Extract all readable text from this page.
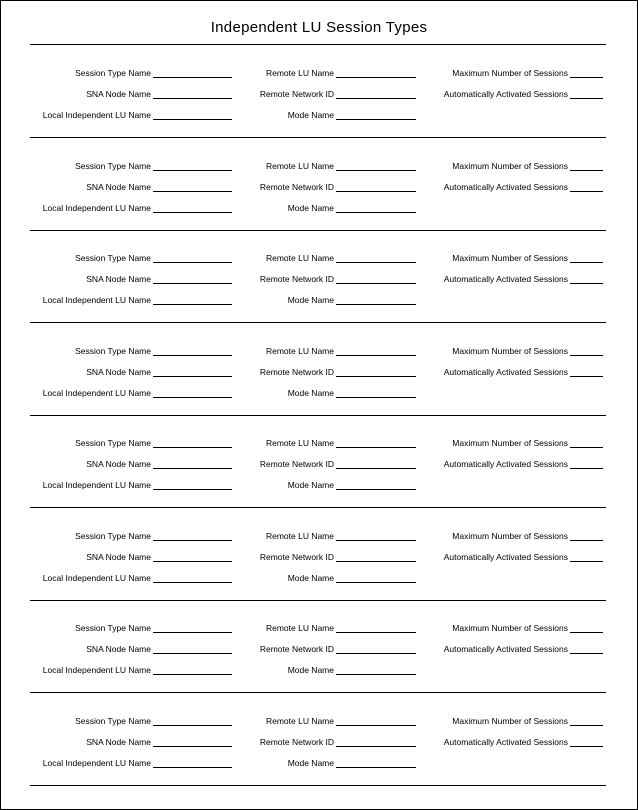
Independent LU Session Types
Session Type Name	Remote LU Name	Maximum Number of Sessions
SNA Node Name	Remote Network ID	Automatically Activated Sessions
Local Independent LU Name	Mode Name
Session Type Name	Remote LU Name	Maximum Number of Sessions
SNA Node Name	Remote Network ID	Automatically Activated Sessions
Local Independent LU Name	Mode Name
Session Type Name	Remote LU Name	Maximum Number of Sessions
SNA Node Name	Remote Network ID	Automatically Activated Sessions
Local Independent LU Name	Mode Name
Session Type Name	Remote LU Name	Maximum Number of Sessions
SNA Node Name	Remote Network ID	Automatically Activated Sessions
Local Independent LU Name	Mode Name
Session Type Name	Remote LU Name	Maximum Number of Sessions
SNA Node Name	Remote Network ID	Automatically Activated Sessions
Local Independent LU Name	Mode Name
Session Type Name	Remote LU Name	Maximum Number of Sessions
SNA Node Name	Remote Network ID	Automatically Activated Sessions
Local Independent LU Name	Mode Name
Session Type Name	Remote LU Name	Maximum Number of Sessions
SNA Node Name	Remote Network ID	Automatically Activated Sessions
Local Independent LU Name	Mode Name
Session Type Name	Remote LU Name	Maximum Number of Sessions
SNA Node Name	Remote Network ID	Automatically Activated Sessions
Local Independent LU Name	Mode Name
